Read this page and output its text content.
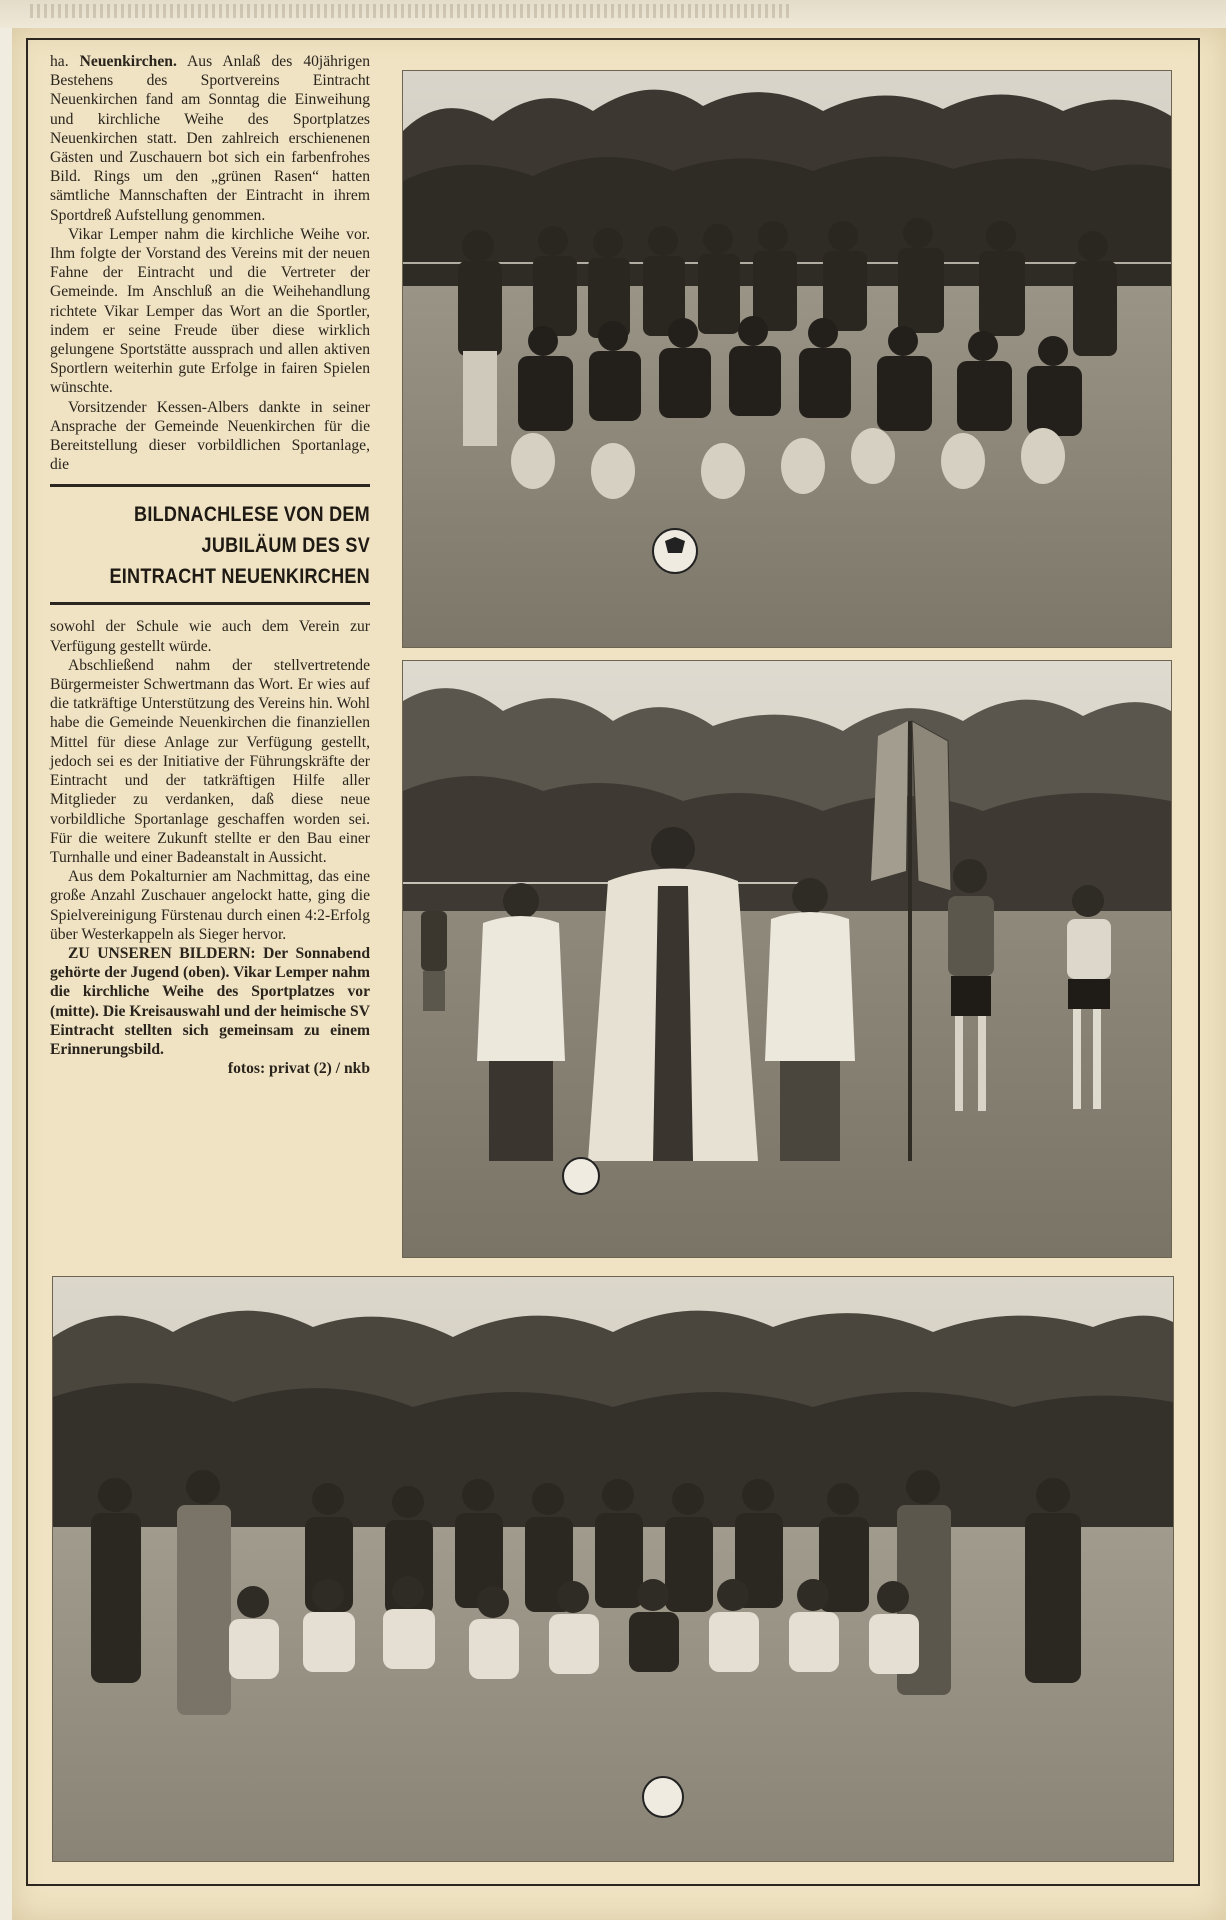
ha. Neuenkirchen. Aus Anlaß des 40jährigen Bestehens des Sportvereins Eintracht Neuenkirchen fand am Sonntag die Einweihung und kirchliche Weihe des Sportplatzes Neuenkirchen statt. Den zahlreich erschienenen Gästen und Zuschauern bot sich ein farbenfrohes Bild. Rings um den „grünen Rasen“ hatten sämtliche Mannschaften der Eintracht in ihrem Sportdreß Aufstellung genommen.

Vikar Lemper nahm die kirchliche Weihe vor. Ihm folgte der Vorstand des Vereins mit der neuen Fahne der Eintracht und die Vertreter der Gemeinde. Im Anschluß an die Weihehandlung richtete Vikar Lemper das Wort an die Sportler, indem er seine Freude über diese wirklich gelungene Sportstätte aussprach und allen aktiven Sportlern weiterhin gute Erfolge in fairen Spielen wünschte.

Vorsitzender Kessen-Albers dankte in seiner Ansprache der Gemeinde Neuenkirchen für die Bereitstellung dieser vorbildlichen Sportanlage, die

BILDNACHLESE VON DEM
JUBILÄUM DES SV
EINTRACHT NEUENKIRCHEN

sowohl der Schule wie auch dem Verein zur Verfügung gestellt würde.

Abschließend nahm der stellvertretende Bürgermeister Schwertmann das Wort. Er wies auf die tatkräftige Unterstützung des Vereins hin. Wohl habe die Gemeinde Neuenkirchen die finanziellen Mittel für diese Anlage zur Verfügung gestellt, jedoch sei es der Initiative der Führungskräfte der Eintracht und der tatkräftigen Hilfe aller Mitglieder zu verdanken, daß diese neue vorbildliche Sportanlage geschaffen worden sei. Für die weitere Zukunft stellte er den Bau einer Turnhalle und einer Badeanstalt in Aussicht.

Aus dem Pokalturnier am Nachmittag, das eine große Anzahl Zuschauer angelockt hatte, ging die Spielvereinigung Fürstenau durch einen 4:2-Erfolg über Westerkappeln als Sieger hervor.

ZU UNSEREN BILDERN: Der Sonnabend gehörte der Jugend (oben). Vikar Lemper nahm die kirchliche Weihe des Sportplatzes vor (mitte). Die Kreisauswahl und der heimische SV Eintracht stellten sich gemeinsam zu einem Erinnerungsbild.

fotos: privat (2) / nkb
